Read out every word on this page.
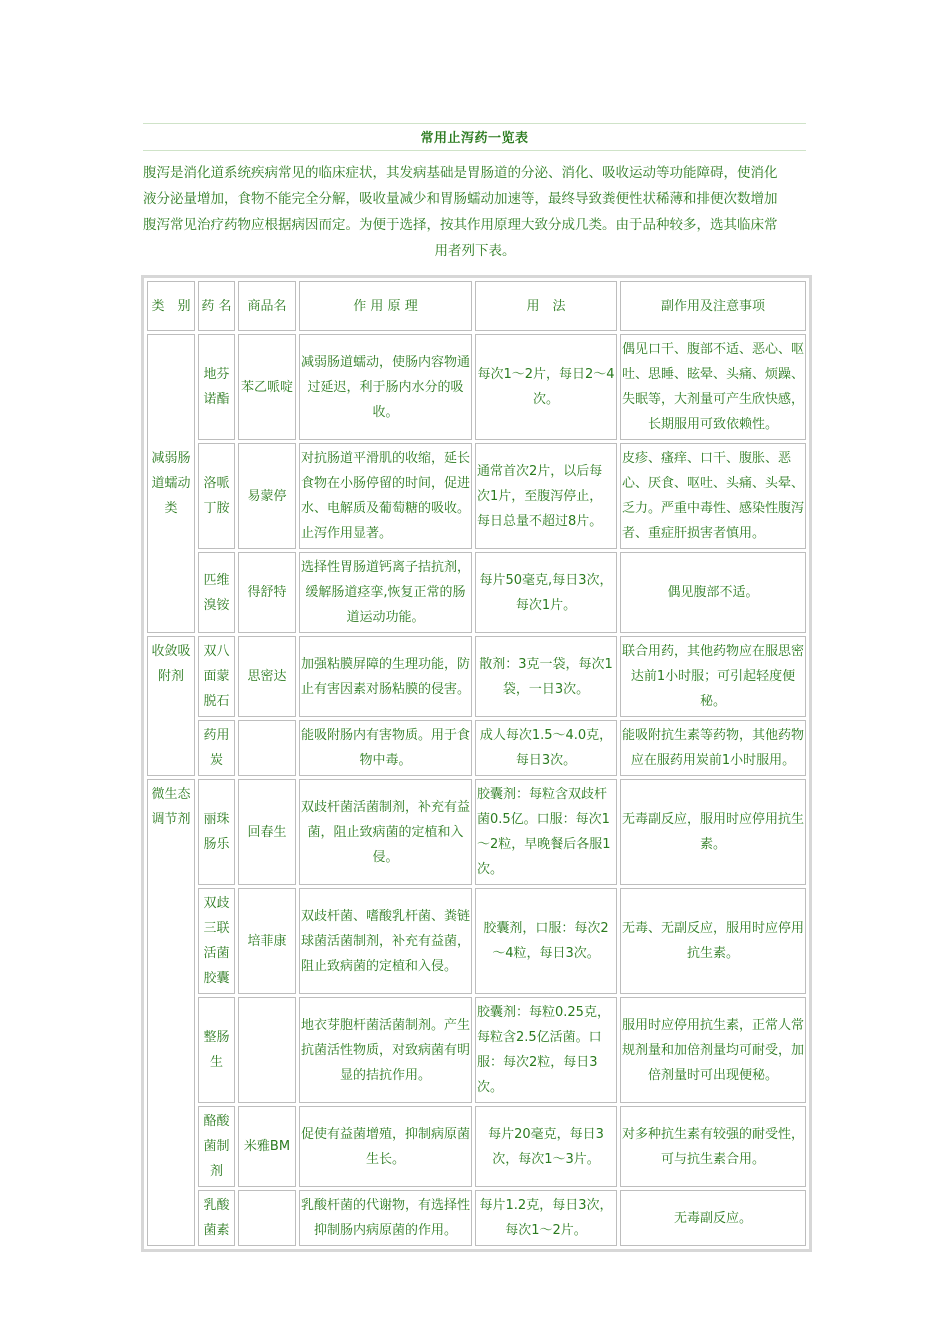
常用止泻药一览表
腹泻是消化道系统疾病常见的临床症状，其发病基础是胃肠道的分泌、消化、吸收运动等功能障碍，使消化
液分泌量增加，食物不能完全分解，吸收量减少和胃肠蠕动加速等，最终导致粪便性状稀薄和排便次数增加
腹泻常见治疗药物应根据病因而定。为便于选择，按其作用原理大致分成几类。由于品种较多，选其临床常
用者列下表。
类　别	药 名	商品名	作 用 原 理	用　法	副作用及注意事项
减弱肠道蠕动类	地芬诺酯	苯乙哌啶	减弱肠道蠕动，使肠内容物通过延迟，利于肠内水分的吸收。	每次1～2片，每日2～4次。	偶见口干、腹部不适、恶心、呕吐、思睡、眩晕、头痛、烦躁、失眠等，大剂量可产生欣快感，长期服用可致依赖性。
	洛哌丁胺	易蒙停	对抗肠道平滑肌的收缩，延长食物在小肠停留的时间，促进水、电解质及葡萄糖的吸收。止泻作用显著。	通常首次2片，以后每次1片，至腹泻停止，每日总量不超过8片。	皮疹、瘙痒、口干、腹胀、恶心、厌食、呕吐、头痛、头晕、乏力。严重中毒性、感染性腹泻者、重症肝损害者慎用。
	匹维溴铵	得舒特	选择性胃肠道钙离子拮抗剂，缓解肠道痉挛,恢复正常的肠道运动功能。	每片50毫克,每日3次，每次1片。	偶见腹部不适。
收敛吸附剂	双八面蒙脱石	思密达	加强粘膜屏障的生理功能，防止有害因素对肠粘膜的侵害。	散剂：3克一袋，每次1袋，一日3次。	联合用药，其他药物应在服思密达前1小时服；可引起轻度便秘。
	药用炭		能吸附肠内有害物质。用于食物中毒。	成人每次1.5～4.0克，每日3次。	能吸附抗生素等药物，其他药物应在服药用炭前1小时服用。
微生态调节剂	丽珠肠乐	回春生	双歧杆菌活菌制剂，补充有益菌，阻止致病菌的定植和入侵。	胶囊剂：每粒含双歧杆菌0.5亿。口服：每次1～2粒，早晚餐后各服1次。	无毒副反应，服用时应停用抗生素。
	双歧三联活菌胶囊	培菲康	双歧杆菌、嗜酸乳杆菌、粪链球菌活菌制剂，补充有益菌，阻止致病菌的定植和入侵。	胶囊剂，口服：每次2～4粒，每日3次。	无毒、无副反应，服用时应停用抗生素。
	整肠生		地衣芽胞杆菌活菌制剂。产生抗菌活性物质，对致病菌有明显的拮抗作用。	胶囊剂：每粒0.25克，每粒含2.5亿活菌。口服：每次2粒，每日3次。	服用时应停用抗生素，正常人常规剂量和加倍剂量均可耐受，加倍剂量时可出现便秘。
	酪酸菌制剂	米雅BM	促使有益菌增殖，抑制病原菌生长。	每片20毫克，每日3次，每次1～3片。	对多种抗生素有较强的耐受性，可与抗生素合用。
	乳酸菌素		乳酸杆菌的代谢物，有选择性抑制肠内病原菌的作用。	每片1.2克，每日3次，每次1～2片。	无毒副反应。
